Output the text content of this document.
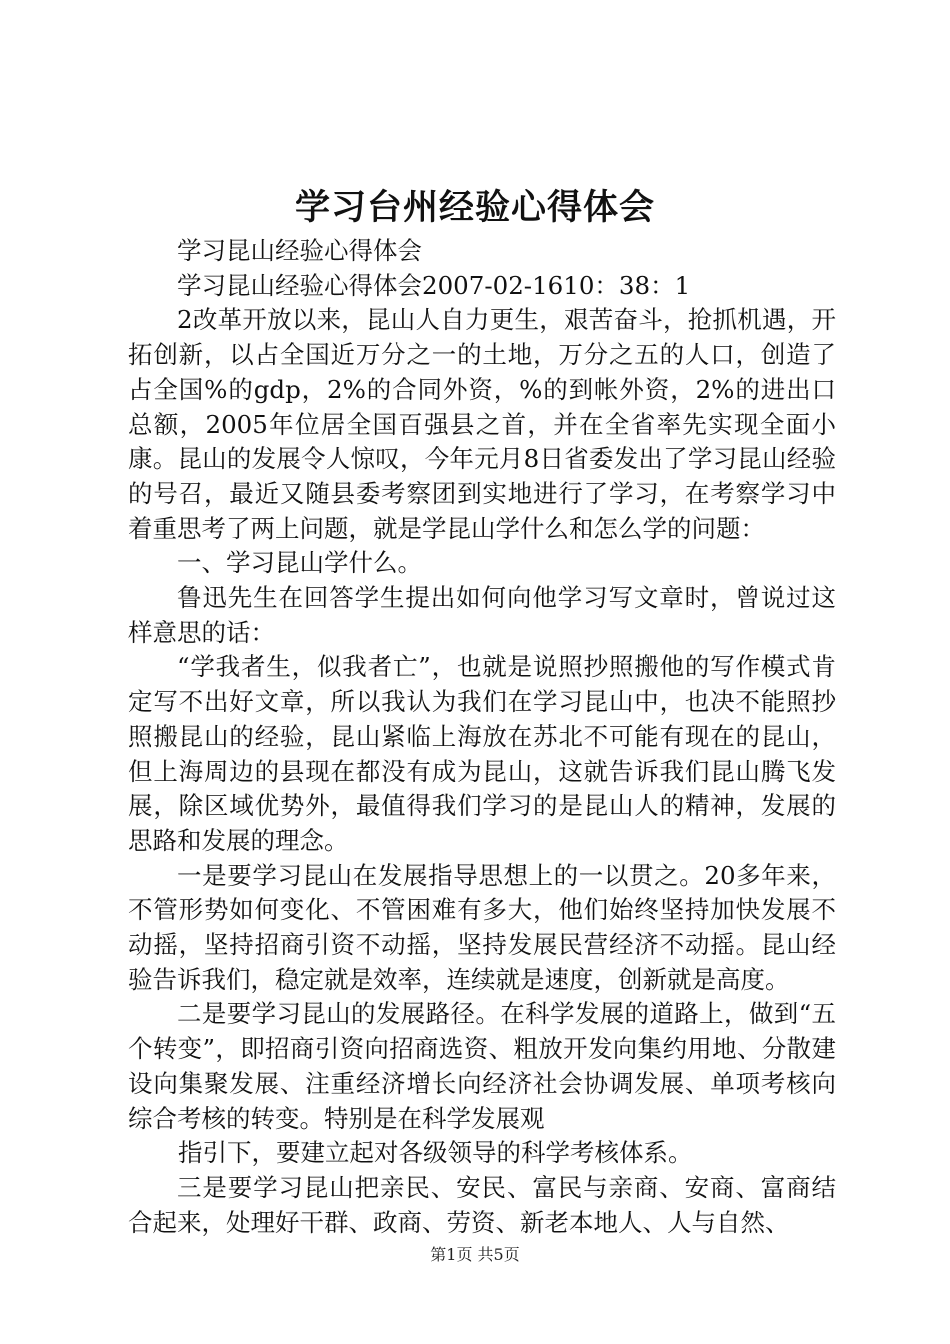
学习台州经验心得体会

学习昆山经验心得体会

学习昆山经验心得体会2007-02-1610：38：1

2改革开放以来，昆山人自力更生，艰苦奋斗，抢抓机遇，开拓创新，以占全国近万分之一的土地，万分之五的人口，创造了占全国%的gdp，2%的合同外资，%的到帐外资，2%的进出口总额，2005年位居全国百强县之首，并在全省率先实现全面小康。昆山的发展令人惊叹，今年元月8日省委发出了学习昆山经验的号召，最近又随县委考察团到实地进行了学习，在考察学习中着重思考了两上问题，就是学昆山学什么和怎么学的问题：

一、学习昆山学什么。

鲁迅先生在回答学生提出如何向他学习写文章时，曾说过这样意思的话：

“学我者生，似我者亡”，也就是说照抄照搬他的写作模式肯定写不出好文章，所以我认为我们在学习昆山中，也决不能照抄照搬昆山的经验，昆山紧临上海放在苏北不可能有现在的昆山，但上海周边的县现在都没有成为昆山，这就告诉我们昆山腾飞发展，除区域优势外，最值得我们学习的是昆山人的精神，发展的思路和发展的理念。

一是要学习昆山在发展指导思想上的一以贯之。20多年来，不管形势如何变化、不管困难有多大，他们始终坚持加快发展不动摇，坚持招商引资不动摇，坚持发展民营经济不动摇。昆山经验告诉我们，稳定就是效率，连续就是速度，创新就是高度。

二是要学习昆山的发展路径。在科学发展的道路上，做到“五个转变”，即招商引资向招商选资、粗放开发向集约用地、分散建设向集聚发展、注重经济增长向经济社会协调发展、单项考核向综合考核的转变。特别是在科学发展观

指引下，要建立起对各级领导的科学考核体系。

三是要学习昆山把亲民、安民、富民与亲商、安商、富商结合起来，处理好干群、政商、劳资、新老本地人、人与自然、

第1页 共5页
